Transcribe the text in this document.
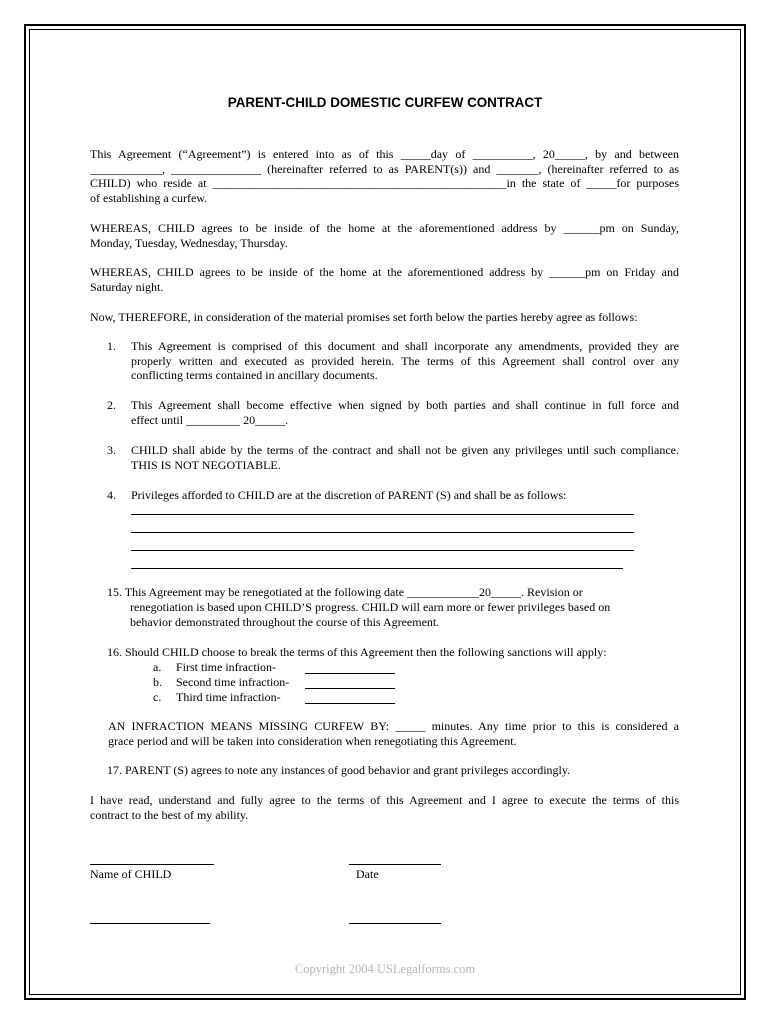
PARENT-CHILD DOMESTIC CURFEW CONTRACT
This Agreement (“Agreement”) is entered into as of this _____day of __________, 20_____, by and between
____________, _______________ (hereinafter referred to as PARENT(s)) and _______, (hereinafter referred to as
CHILD) who reside at _________________________________________________in the state of _____for purposes
of establishing a curfew.
WHEREAS, CHILD agrees to be inside of the home at the aforementioned address by ______pm on Sunday,
Monday, Tuesday, Wednesday, Thursday.
WHEREAS, CHILD agrees to be inside of the home at the aforementioned address by ______pm on Friday and
Saturday night.
Now, THEREFORE, in consideration of the material promises set forth below the parties hereby agree as follows:
1.	This Agreement is comprised of this document and shall incorporate any amendments, provided they are
properly written and executed as provided herein. The terms of this Agreement shall control over any
conflicting terms contained in ancillary documents.
2.	This Agreement shall become effective when signed by both parties and shall continue in full force and
effect until _________ 20_____.
3.	CHILD shall abide by the terms of the contract and shall not be given any privileges until such compliance.
THIS IS NOT NEGOTIABLE.
4.	Privileges afforded to CHILD are at the discretion of PARENT (S) and shall be as follows:
15. This Agreement may be renegotiated at the following date ____________20_____. Revision or
renegotiation is based upon CHILD’S progress. CHILD will earn more or fewer privileges based on
behavior demonstrated throughout the course of this Agreement.
16. Should CHILD choose to break the terms of this Agreement then the following sanctions will apply:
a. First time infraction-
b. Second time infraction-
c. Third time infraction-
AN INFRACTION MEANS MISSING CURFEW BY: _____ minutes. Any time prior to this is considered a
grace period and will be taken into consideration when renegotiating this Agreement.
17. PARENT (S) agrees to note any instances of good behavior and grant privileges accordingly.
I have read, understand and fully agree to the terms of this Agreement and I agree to execute the terms of this
contract to the best of my ability.
Name of CHILD	Date
Copyright 2004 USLegalforms.com
